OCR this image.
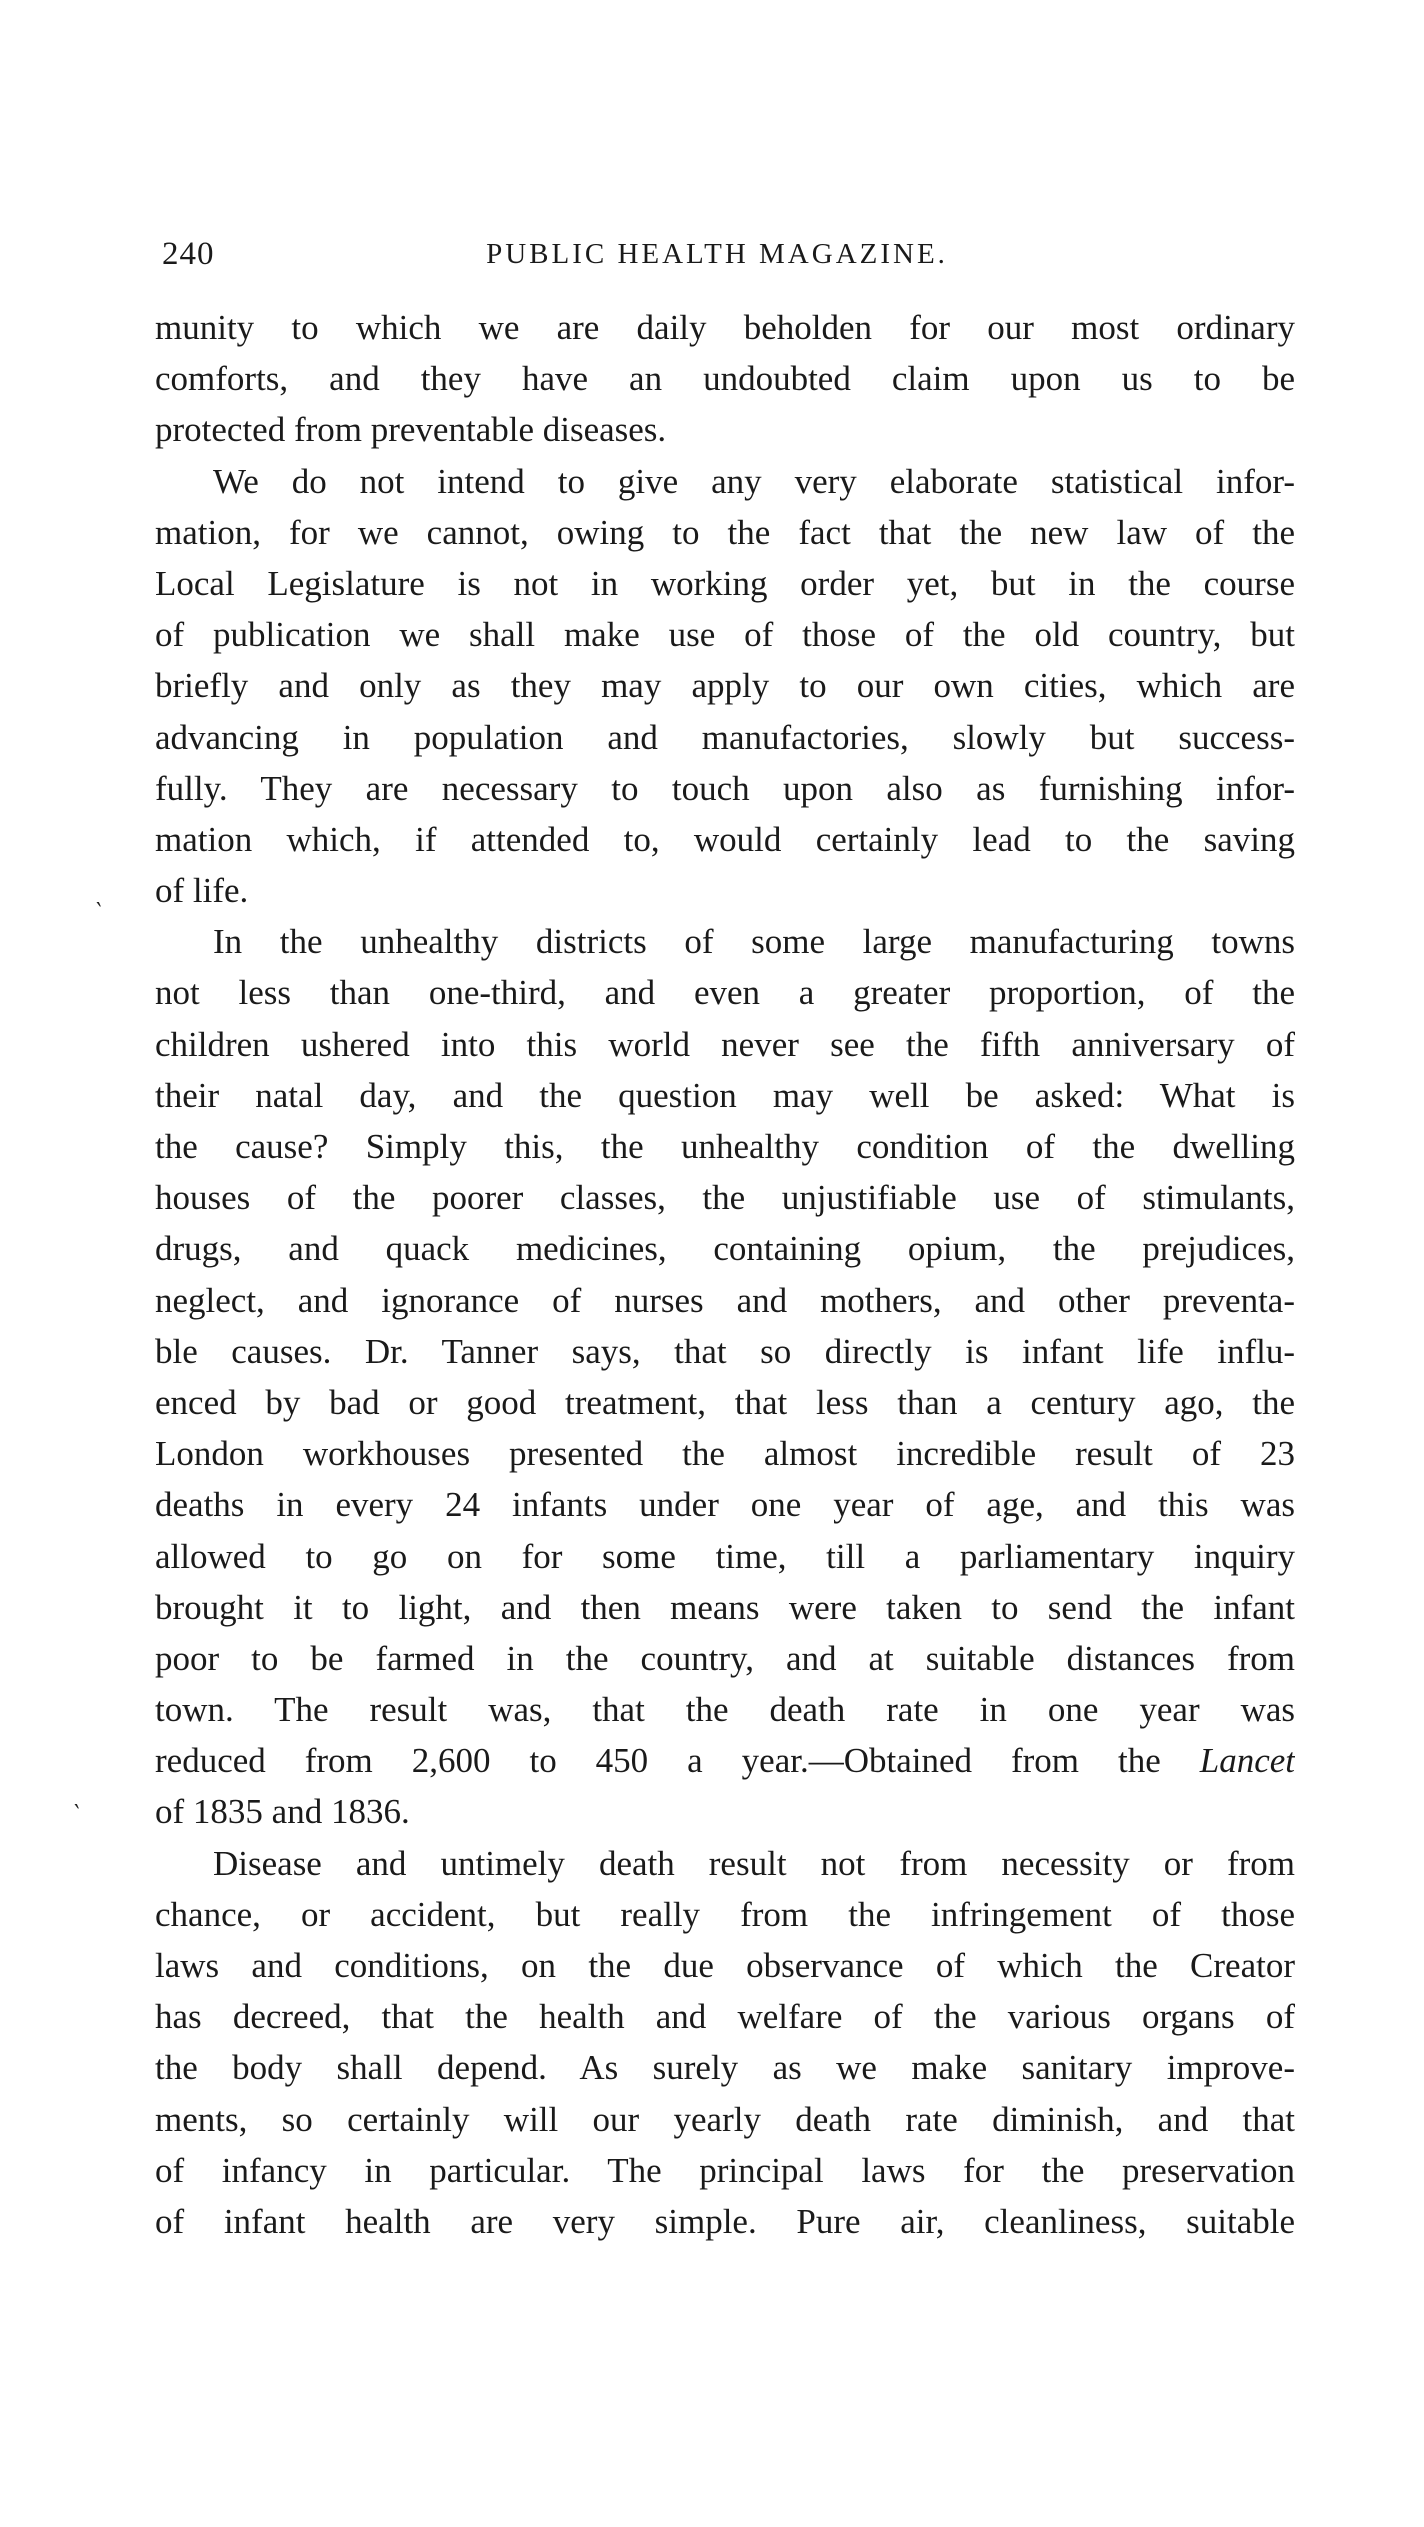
240	PUBLIC HEALTH MAGAZINE.
munity to which we are daily beholden for our most ordinary
comforts, and they have an undoubted claim upon us to be
protected from preventable diseases.
We do not intend to give any very elaborate statistical infor-
mation, for we cannot, owing to the fact that the new law of the
Local Legislature is not in working order yet, but in the course
of publication we shall make use of those of the old country, but
briefly and only as they may apply to our own cities, which are
advancing in population and manufactories, slowly but success-
fully. They are necessary to touch upon also as furnishing infor-
mation which, if attended to, would certainly lead to the saving
of life.
In the unhealthy districts of some large manufacturing towns
not less than one-third, and even a greater proportion, of the
children ushered into this world never see the fifth anniversary of
their natal day, and the question may well be asked: What is
the cause? Simply this, the unhealthy condition of the dwelling
houses of the poorer classes, the unjustifiable use of stimulants,
drugs, and quack medicines, containing opium, the prejudices,
neglect, and ignorance of nurses and mothers, and other preventa-
ble causes. Dr. Tanner says, that so directly is infant life influ-
enced by bad or good treatment, that less than a century ago, the
London workhouses presented the almost incredible result of 23
deaths in every 24 infants under one year of age, and this was
allowed to go on for some time, till a parliamentary inquiry
brought it to light, and then means were taken to send the infant
poor to be farmed in the country, and at suitable distances from
town. The result was, that the death rate in one year was
reduced from 2,600 to 450 a year.—Obtained from the Lancet
of 1835 and 1836.
Disease and untimely death result not from necessity or from
chance, or accident, but really from the infringement of those
laws and conditions, on the due observance of which the Creator
has decreed, that the health and welfare of the various organs of
the body shall depend. As surely as we make sanitary improve-
ments, so certainly will our yearly death rate diminish, and that
of infancy in particular. The principal laws for the preservation
of infant health are very simple. Pure air, cleanliness, suitable
‵
‵
